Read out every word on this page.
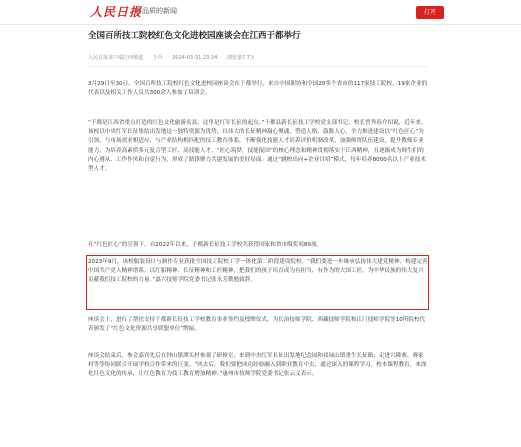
人民日报
有品质的新闻	打开
全国百所技工院校红色文化进校园座谈会在江西于都举行
人民日报客户端江西频道 王丹 2024-03-31 23:34 浏览量7.7万

3月29日至30日，全国百所技工院校红色文化进校园座谈会在于都举行，来自中国职协和全国20多个省市的117家技工院校、19家企业的代表以及相关工作人员共300余人参加了培训会。

“于都是江西省重点打造的红色文化旅游名县，这里是红军长征的起点。”于都县新长征技工学校党支部书记、校长曾秀春介绍说，近年来，该校以中央红军长征集结出发地这一独特资源为优势，以伟大的长征精神凝心聚魂、塑造人格、鼓舞人心，全力推进建设以“红色匠心”为引领，与市场需求相适应、与产业结构相匹配的技工教育体系，不断强化技能人才培养评价机制改革，加强师资队伍建设，提升教师专业能力，为培养高素质多元复合型工匠、高技能人才。“匠心筑梦，技能报国”的核心理念和精神贯彻落实于江西精神，且逐渐成为师生们的内心遵从、工作作风和自觉行为，形成了踏锋聚力共建发展的美好局面。通过“跳校出向+企业目培”模式，每年培养8000名以上产业技术型人才。

在“红色匠心”的引领下，自2022年以来，于都新长征技工学校共获得国家和省市级奖项89项。

2023年9月，该校服装设计与制作专业获批全国技工院校工学一体化第二阶段建设院校。“我们要进一步继承弘扬伟大建党精神、构建完善中国共产党人精神谱系，以红船精神、长征精神和工匠精神，把我们的孩子培育成为有担当、有作为的大国工匠，为中华民族的伟大复兴贡献我们技工院校的力量。”嘉兴技师学院党委书记张永芳勤勉致辞。

座谈会上，进行了帮扶支持于都新长征技工学校教育事业签约及授牌仪式，为长治技师学院、西藏技师学院和江门技师学院等10所院校代表颁发了“红色文化资源共享联盟单位”牌匾。

座谈会结束后，参会嘉宾先后在钟山镇潭头村参观了研修室；来到中央红军长征出发地纪念园和祁禄山镇重生长征路；走进兴隆寨、赛家村等等协同联合开展学校合作带来的巨变。“回去后，我们要把成功经验融入到职业教育中去，通过深入的课程学习，校本课程教育，来深化红色文化的传承，让红色教育为技工教育增加精神。”惠州市技师学院党委书记张云义表示。
